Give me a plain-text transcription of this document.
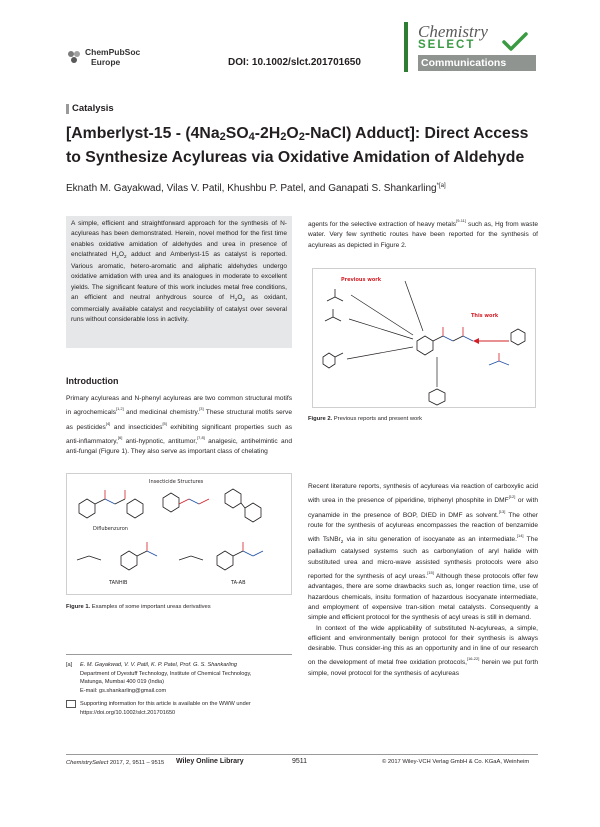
ChemPubSoc
Europe	DOI: 10.1002/slct.201701650
Chemistry
SELECT
Communications
Catalysis
[Amberlyst-15 - $(4Na_2SO_4-2H_2O_2-NaCl)$ Adduct]: Direct Access to Synthesize Acylureas via Oxidative Amidation of Aldehyde
Eknath M. Gayakwad, Vilas V. Patil, Khushbu P. Patel, and Ganapati S. Shankarling$^{*[a]}$
A simple, efficient and straightforward approach for the synthesis of N-acylureas has been demonstrated. Herein, novel method for the first time enables oxidative amidation of aldehydes and urea in presence of enclathrated $H_2O_2$ adduct and Amberlyst-15 as catalyst is reported. Various aromatic, hetero-aromatic and aliphatic aldehydes undergo oxidative amidation with urea and its analogues in moderate to excellent yields. The significant feature of this work includes metal free conditions, an efficient and neutral anhydrous source of $H_2O_2$ as oxidant, commercially available catalyst and recyclability of catalyst over several runs without considerable loss in activity.
Introduction
Primary acylureas and N-phenyl acylureas are two common structural motifs in agrochemicals[1,2] and medicinal chemistry.[3] These structural motifs serve as pesticides[4] and insecticides[5] exhibiting significant properties such as anti-inflammatory,[6] anti-hypnotic, antitumor,[7,8] analgesic, antihelmintic and anti-fungal (Figure 1). They also serve as important class of chelating
agents for the selective extraction of heavy metals[9-11] such as, Hg from waste water. Very few synthetic routes have been reported for the synthesis of acylureas as depicted in Figure 2.
Previous work
This work
Figure 2. Previous reports and present work
Insecticide Structures
Diflubenzuron
TANHIB	TA-AB
Figure 1. Examples of some important ureas derivatives

Recent literature reports, synthesis of acylureas via reaction of carboxylic acid with urea in the presence of piperidine, triphenyl phosphite in DMF[12] or with cyanamide in the presence of BOP, DIED in DMF as solvent.[13] The other route for the synthesis of acylureas encompasses the reaction of benzamide with TsNBr$_2$ via in situ generation of isocyanate as an intermediate.[14] The palladium catalysed systems such as carbonylation of aryl halide with substituted urea and micro-wave assisted synthesis protocols were also reported for the synthesis of acyl ureas.[15] Although these protocols offer few advantages, there are some drawbacks such as, longer reaction time, use of hazardous chemicals, insitu formation of hazardous isocyanate intermediate, and employment of expensive tran-sition metal catalysts. Consequently a simple and efficient protocol for the synthesis of acyl ureas is still in demand.

In context of the wide applicability of substituted N-acylureas, a simple, efficient and environmentally benign protocol for their synthesis is always desirable. Thus consider-ing this as an opportunity and in line of our research on the development of metal free oxidation protocols,[16-22] herein we put forth simple, novel protocol for the synthesis of acylureas

[a] E. M. Gayakwad, V. V. Patil, K. P. Patel, Prof. G. S. Shankarling
Department of Dyestuff Technology, Institute of Chemical Technology,
Matunga, Mumbai 400 019 (India)
E-mail: gs.shankarling@gmail.com
Supporting information for this article is available on the WWW under
https://doi.org/10.1002/slct.201701650
ChemistrySelect 2017, 2, 9511 – 9515 Wiley Online Library	9511	© 2017 Wiley-VCH Verlag GmbH & Co. KGaA, Weinheim
